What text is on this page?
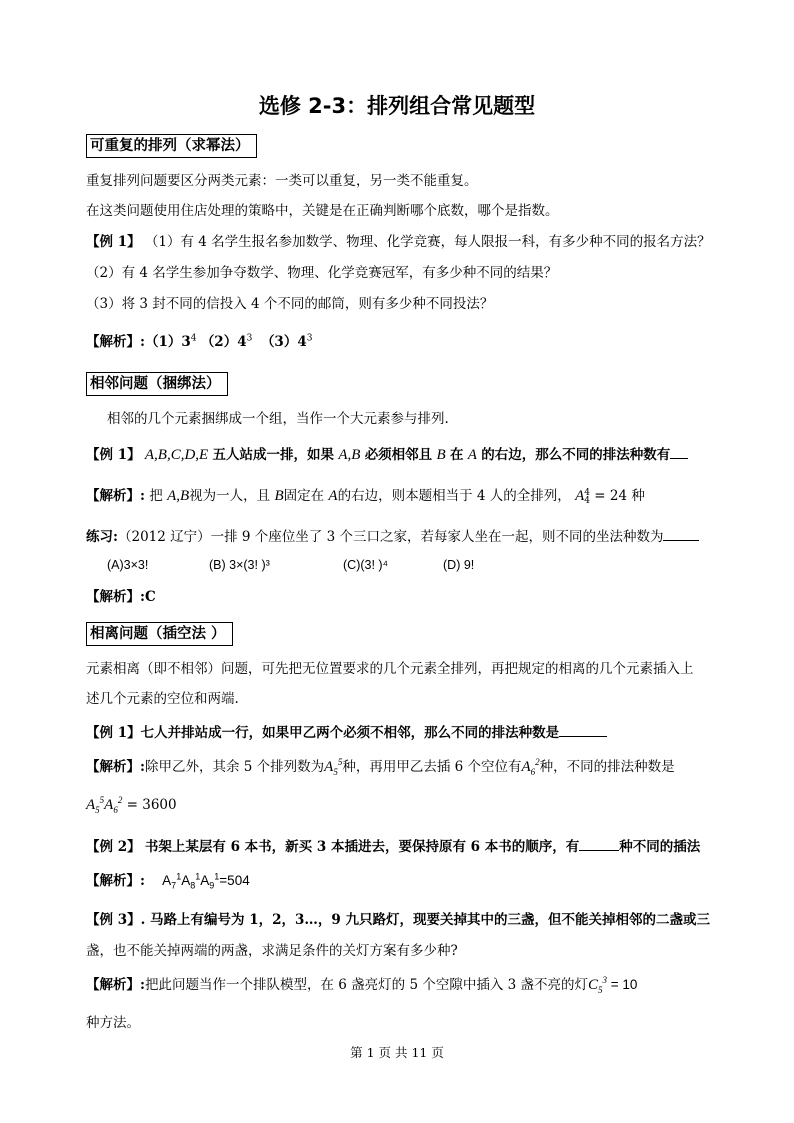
选修 2-3：排列组合常见题型
可重复的排列（求幂法）
重复排列问题要区分两类元素：一类可以重复，另一类不能重复。
在这类问题使用住店处理的策略中，关键是在正确判断哪个底数，哪个是指数。
【例 1】 （1）有 4 名学生报名参加数学、物理、化学竞赛，每人限报一科，有多少种不同的报名方法？
（2）有 4 名学生参加争夺数学、物理、化学竞赛冠军，有多少种不同的结果？
（3）将 3 封不同的信投入 4 个不同的邮筒，则有多少种不同投法？
【解析】$:(1)3^4$ $(2)4^3$ $(3)4^3$
相邻问题（捆绑法）
相邻的几个元素捆绑成一个组，当作一个大元素参与排列.
【例 1】 A,B,C,D,E 五人站成一排，如果 A,B 必须相邻且 B 在 A 的右边，那么不同的排法种数有
【解析】: 把 A,B视为一人，且 B固定在 A的右边，则本题相当于 4 人的全排列， A 4
4 = 24 种
练习:（2012 辽宁）一排 9 个座位坐了 3 个三口之家，若每家人坐在一起，则不同的坐法种数为
(A)3×3!	(B) 3×(3! )³	(C)(3! )⁴	(D) 9!
【解析】:C
相离问题（插空法 ）
元素相离（即不相邻）问题，可先把无位置要求的几个元素全排列，再把规定的相离的几个元素插入上
述几个元素的空位和两端.
【例 1】七人并排站成一行，如果甲乙两个必须不相邻，那么不同的排法种数是
【解析】:除甲乙外，其余 5 个排列数为$A_5^5$种，再用甲乙去插 6 个空位有$A_6^2$种，不同的排法种数是
$A_5^5A_6^2 = 3600$
【例 2】 书架上某层有 6 本书，新买 3 本插进去，要保持原有 6 本书的顺序，有	种不同的插法
【解析】: $A_7^1A_8^1A_9^1=504$
【例 3】. 马路上有编号为 1，2，3…，9 九只路灯，现要关掉其中的三盏，但不能关掉相邻的二盏或三
盏，也不能关掉两端的两盏，求满足条件的关灯方案有多少种?
【解析】:把此问题当作一个排队模型，在 6 盏亮灯的 5 个空隙中插入 3 盏不亮的灯$C_5^3 = 10$
种方法。
第 1 页 共 11 页
